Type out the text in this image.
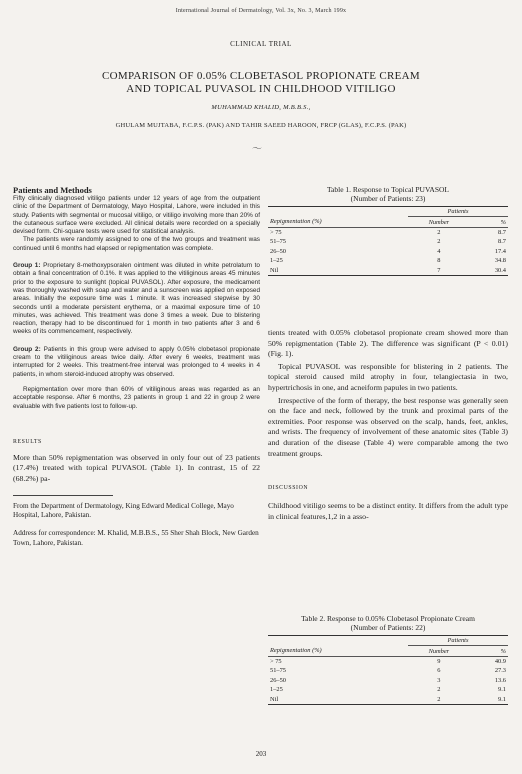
International Journal of Dermatology, Vol. 3x, No. 3, March 199x
CLINICAL TRIAL
COMPARISON OF 0.05% CLOBETASOL PROPIONATE CREAM
AND TOPICAL PUVASOL IN CHILDHOOD VITILIGO
MUHAMMAD KHALID, M.B.B.S.,
GHULAM MUJTABA, F.C.P.S. (PAK) AND TAHIR SAEED HAROON, FRCP (GLAS), F.C.P.S. (PAK)
〜
Patients and Methods

Fifty clinically diagnosed vitiligo patients under 12 years of age from the outpatient clinic of the Department of Dermatology, Mayo Hospital, Lahore, were included in this study. Patients with segmental or mucosal vitiligo, or vitiligo involving more than 20% of the cutaneous surface were excluded. All clinical details were recorded on a specially devised form. Chi-square tests were used for statistical analysis.

The patients were randomly assigned to one of the two groups and treatment was continued until 6 months had elapsed or repigmentation was complete.

Group 1: Proprietary 8-methoxypsoralen ointment was diluted in white petrolatum to obtain a final concentration of 0.1%. It was applied to the vitiliginous areas 45 minutes prior to the exposure to sunlight (topical PUVASOL). After exposure, the medicament was thoroughly washed with soap and water and a sunscreen was applied on exposed areas. Initially the exposure time was 1 minute. It was increased stepwise by 30 seconds until a moderate persistent erythema, or a maximal exposure time of 10 minutes, was achieved. This treatment was done 3 times a week. Due to blistering reaction, therapy had to be discontinued for 1 month in two patients after 3 and 6 weeks of its commencement, respectively.

Group 2: Patients in this group were advised to apply 0.05% clobetasol propionate cream to the vitiliginous areas twice daily. After every 6 weeks, treatment was interrupted for 2 weeks. This treatment-free interval was prolonged to 4 weeks in 4 patients, in whom steroid-induced atrophy was observed.

Repigmentation over more than 60% of vitiliginous areas was regarded as an acceptable response. After 6 months, 23 patients in group 1 and 22 in group 2 were evaluable with five patients lost to follow-up.

RESULTS

More than 50% repigmentation was observed in only four out of 23 patients (17.4%) treated with topical PUVASOL (Table 1). In contrast, 15 of 22 (68.2%) pa-

From the Department of Dermatology, King Edward Medical College, Mayo Hospital, Lahore, Pakistan.

Address for correspondence: M. Khalid, M.B.B.S., 55 Sher Shah Block, New Garden Town, Lahore, Pakistan.

Table 1. Response to Topical PUVASOL
(Number of Patients: 23)
	Patients	
Repigmentation (%)	Number	%
> 75	2	8.7
51–75	2	8.7
26–50	4	17.4
1–25	8	34.8
Nil	7	30.4

tients treated with 0.05% clobetasol propionate cream showed more than 50% repigmentation (Table 2). The difference was significant (P < 0.01) (Fig. 1).

Topical PUVASOL was responsible for blistering in 2 patients. The topical steroid caused mild atrophy in four, telangiectasia in two, hypertrichosis in one, and acneiform papules in two patients.

Irrespective of the form of therapy, the best response was generally seen on the face and neck, followed by the trunk and proximal parts of the extremities. Poor response was observed on the scalp, hands, feet, ankles, and wrists. The frequency of involvement of these anatomic sites (Table 3) and duration of the disease (Table 4) were comparable among the two treatment groups.

DISCUSSION

Childhood vitiligo seems to be a distinct entity. It differs from the adult type in clinical features,1,2 in a asso-

Table 2. Response to 0.05% Clobetasol Propionate Cream
(Number of Patients: 22)
	Patients	
Repigmentation (%)	Number	%
> 75	9	40.9
51–75	6	27.3
26–50	3	13.6
1–25	2	9.1
Nil	2	9.1
203
